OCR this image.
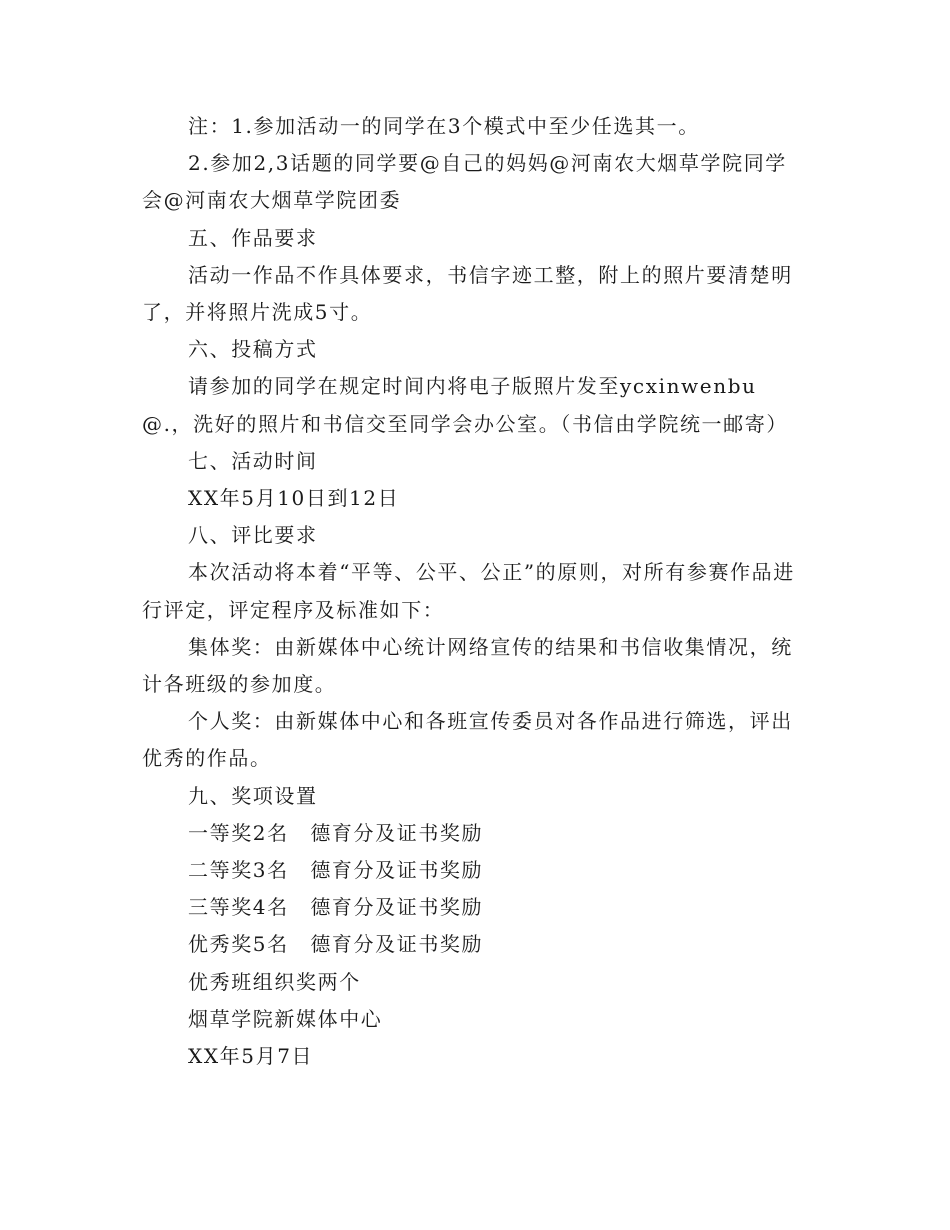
注：1.参加活动一的同学在3个模式中至少任选其一。

2.参加2,3话题的同学要@自己的妈妈@河南农大烟草学院同学会@河南农大烟草学院团委

五、作品要求

活动一作品不作具体要求，书信字迹工整，附上的照片要清楚明了，并将照片洗成5寸。

六、投稿方式

请参加的同学在规定时间内将电子版照片发至ycxinwenbu@.，洗好的照片和书信交至同学会办公室。（书信由学院统一邮寄）

七、活动时间

XX年5月10日到12日

八、评比要求

本次活动将本着“平等、公平、公正”的原则，对所有参赛作品进行评定，评定程序及标准如下：

集体奖：由新媒体中心统计网络宣传的结果和书信收集情况，统计各班级的参加度。

个人奖：由新媒体中心和各班宣传委员对各作品进行筛选，评出优秀的作品。

九、奖项设置

一等奖2名　德育分及证书奖励

二等奖3名　德育分及证书奖励

三等奖4名　德育分及证书奖励

优秀奖5名　德育分及证书奖励

优秀班组织奖两个

烟草学院新媒体中心

XX年5月7日
